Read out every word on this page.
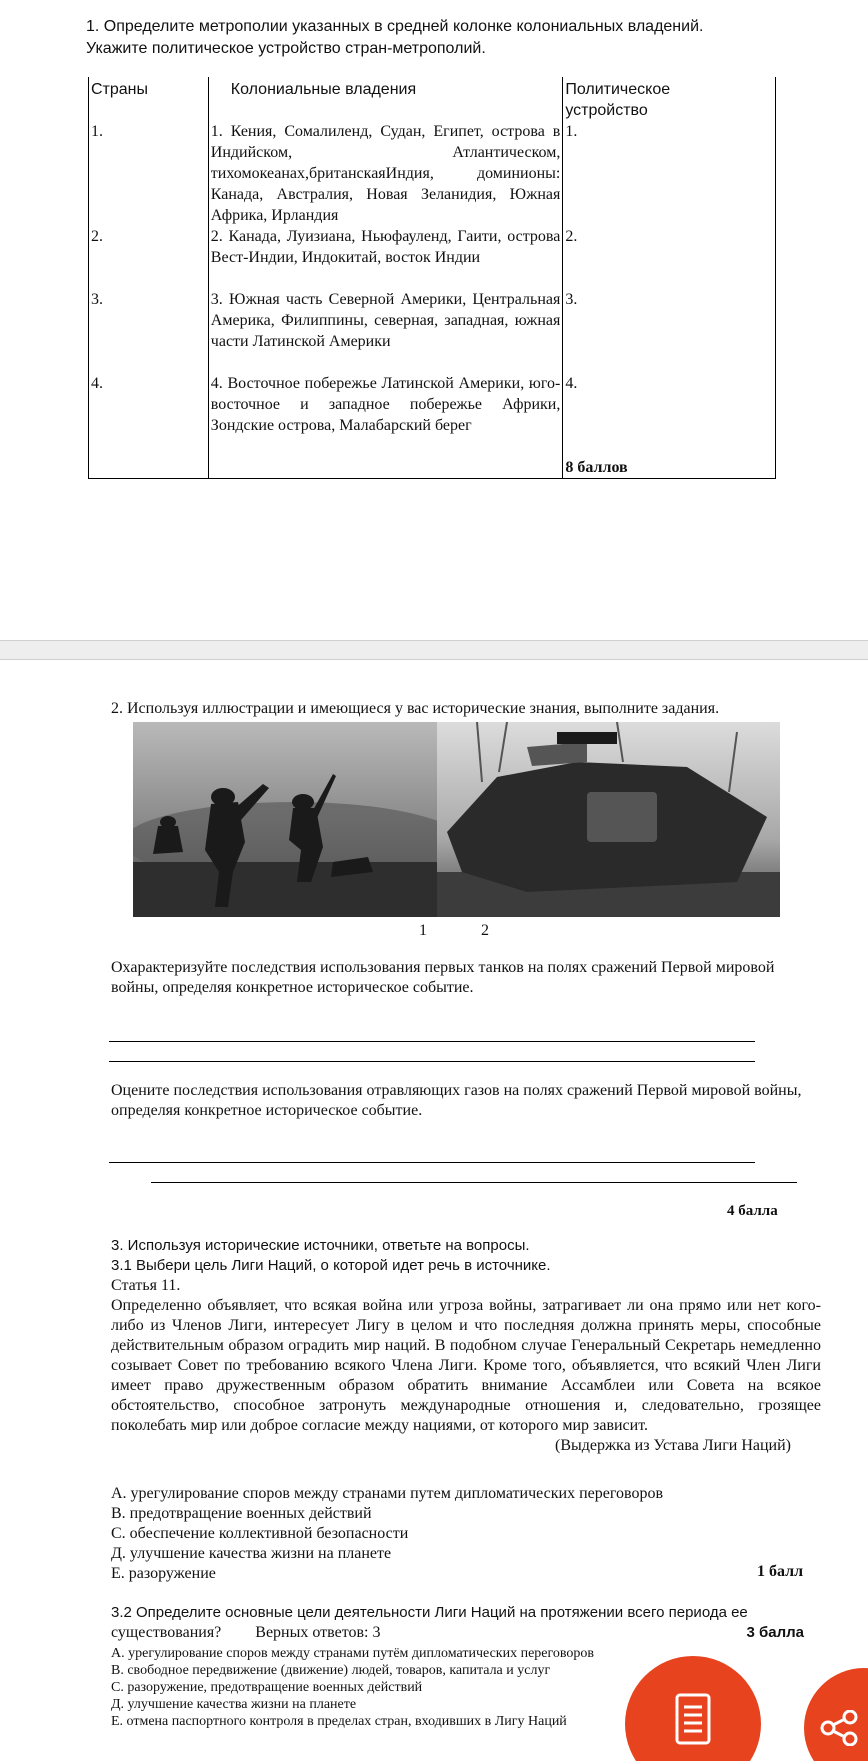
1. Определите метрополии указанных в средней колонке колониальных владений.
Укажите политическое устройство стран-метрополий.
Страны	Колониальные владения	Политическое
устройство

1.	1. Кения, Сомалиленд, Судан, Египет, острова в Индийском, Атлантическом, тихомокеанах,британскаяИндия, доминионы: Канада, Австралия, Новая Зеланидия, Южная Африка, Ирландия	1.
2.	2. Канада, Луизиана, Ньюфауленд, Гаити, острова Вест-Индии, Индокитай, восток Индии	2.
3.	3. Южная часть Северной Америки, Центральная Америка, Филиппины, северная, западная, южная части Латинской Америки	3.
4.	4. Восточное побережье Латинской Америки, юго-восточное и западное побережье Африки, Зондские острова, Малабарский берег	4.
		8 баллов
2. Используя иллюстрации и имеющиеся у вас исторические знания, выполните задания.
1	2
Охарактеризуйте последствия использования первых танков на полях сражений Первой мировой войны, определяя конкретное историческое событие.
Оцените последствия использования отравляющих газов на полях сражений Первой мировой войны, определяя конкретное историческое событие.
4 балла
3. Используя исторические источники, ответьте на вопросы.
3.1 Выбери цель Лиги Наций, о которой идет речь в источнике.
Статья 11.

Определенно объявляет, что всякая война или угроза войны, затрагивает ли она прямо или нет кого-либо из Членов Лиги, интересует Лигу в целом и что последняя должна принять меры, способные действительным образом оградить мир наций. В подобном случае Генеральный Секретарь немедленно созывает Совет по требованию всякого Члена Лиги. Кроме того, объявляется, что всякий Член Лиги имеет право дружественным образом обратить внимание Ассамблеи или Совета на всякое обстоятельство, способное затронуть международные отношения и, следовательно, грозящее поколебать мир или доброе согласие между нациями, от которого мир зависит.

(Выдержка из Устава Лиги Наций)
А. урегулирование споров между странами путем дипломатических переговоров
В. предотвращение военных действий
С. обеспечение коллективной безопасности
Д. улучшение качества жизни на планете
Е. разоружение	1 балл
3.2 Определите основные цели деятельности Лиги Наций на протяжении всего периода ее
существования? Верных ответов: 3	3 балла
А. урегулирование споров между странами путём дипломатических переговоров
В. свободное передвижение (движение) людей, товаров, капитала и услуг
С. разоружение, предотвращение военных действий
Д. улучшение качества жизни на планете
Е. отмена паспортного контроля в пределах стран, входивших в Лигу Наций
